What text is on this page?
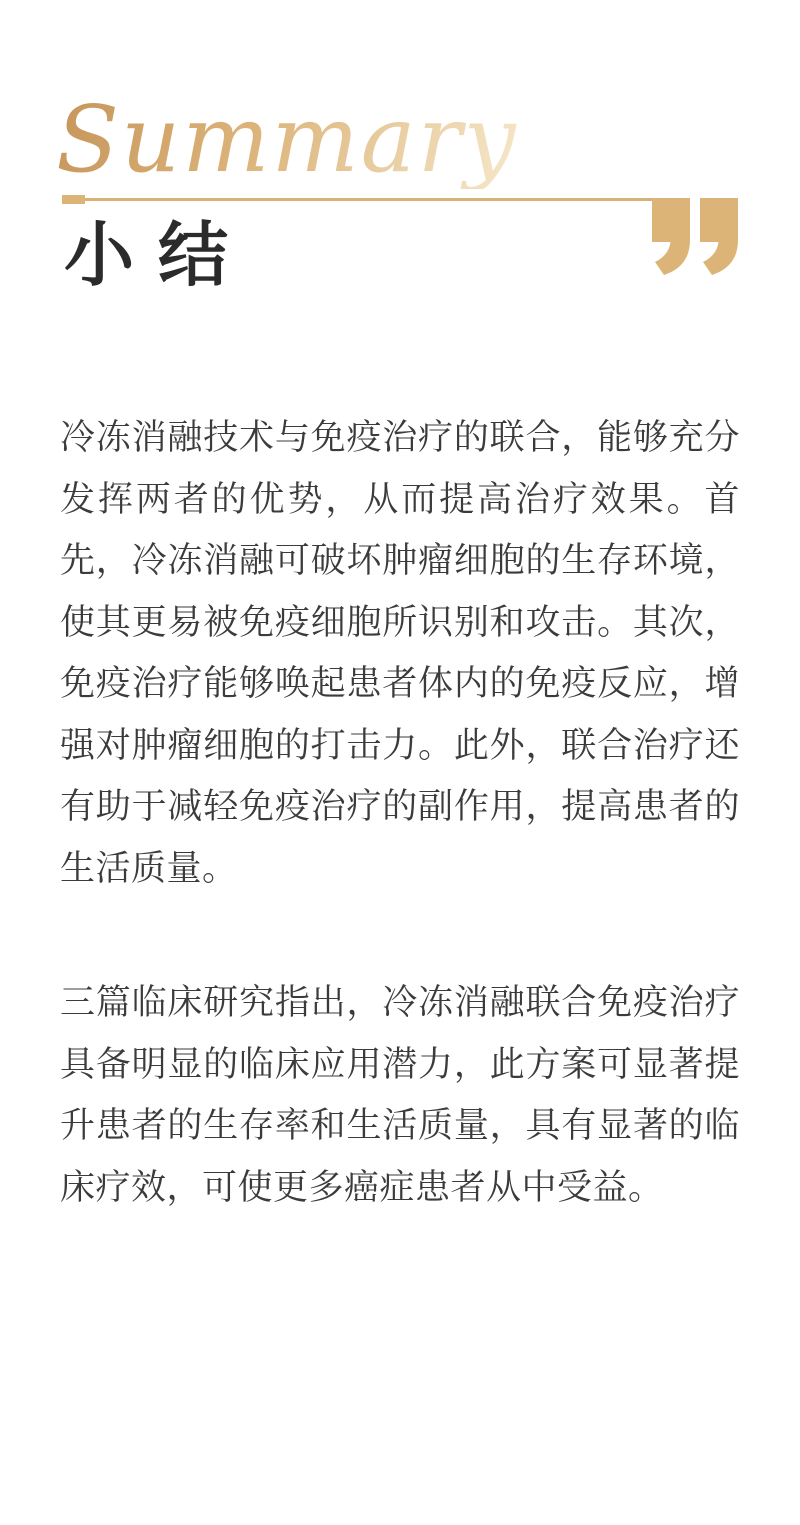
Summary
小结

冷冻消融技术与免疫治疗的联合，能够充分发挥两者的优势，从而提高治疗效果。首先，冷冻消融可破坏肿瘤细胞的生存环境，使其更易被免疫细胞所识别和攻击。其次，免疫治疗能够唤起患者体内的免疫反应，增强对肿瘤细胞的打击力。此外，联合治疗还有助于减轻免疫治疗的副作用，提高患者的生活质量。

三篇临床研究指出，冷冻消融联合免疫治疗具备明显的临床应用潜力，此方案可显著提升患者的生存率和生活质量，具有显著的临床疗效，可使更多癌症患者从中受益。
